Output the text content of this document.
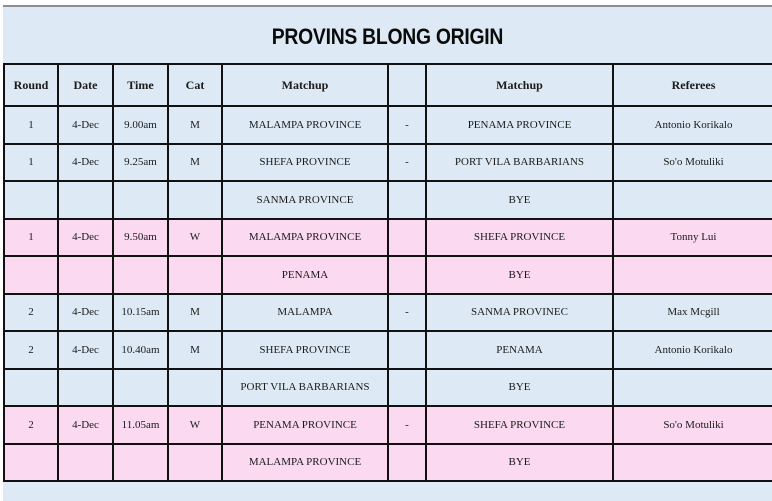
PROVINS BLONG ORIGIN
Round	Date	Time	Cat	Matchup		Matchup	Referees
1	4-Dec	9.00am	M	MALAMPA PROVINCE	-	PENAMA PROVINCE	Antonio Korikalo
1	4-Dec	9.25am	M	SHEFA PROVINCE	-	PORT VILA BARBARIANS	So'o Motuliki
				SANMA PROVINCE		BYE	
1	4-Dec	9.50am	W	MALAMPA PROVINCE		SHEFA PROVINCE	Tonny Lui
				PENAMA		BYE	
2	4-Dec	10.15am	M	MALAMPA	-	SANMA PROVINEC	Max Mcgill
2	4-Dec	10.40am	M	SHEFA PROVINCE		PENAMA	Antonio Korikalo
				PORT VILA BARBARIANS		BYE	
2	4-Dec	11.05am	W	PENAMA PROVINCE	-	SHEFA PROVINCE	So'o Motuliki
				MALAMPA PROVINCE		BYE	
